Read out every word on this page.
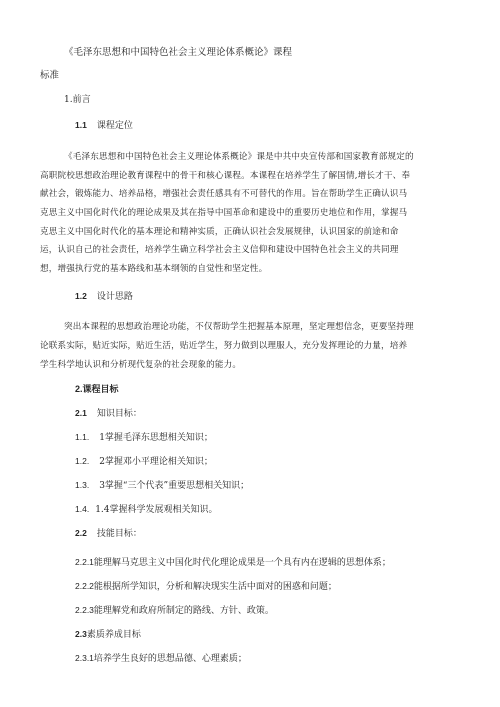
《毛泽东思想和中国特色社会主义理论体系概论》课程
标准
1.前言
1.1 课程定位
《毛泽东思想和中国特色社会主义理论体系概论》课是中共中央宣传部和国家教育部规定的
高职院校思想政治理论教育课程中的骨干和核心课程。本课程在培养学生了解国情,增长才干、奉
献社会，锻炼能力、培养品格，增强社会责任感具有不可替代的作用。旨在帮助学生正确认识马
克思主义中国化时代化的理论成果及其在指导中国革命和建设中的重要历史地位和作用，掌握马
克思主义中国化时代化的基本理论和精神实质，正确认识社会发展规律，认识国家的前途和命
运，认识自己的社会责任，培养学生确立科学社会主义信仰和建设中国特色社会主义的共同理
想，增强执行党的基本路线和基本纲领的自觉性和坚定性。
1.2 设计思路
突出本课程的思想政治理论功能，不仅帮助学生把握基本原理，坚定理想信念，更要坚持理
论联系实际，贴近实际，贴近生活，贴近学生，努力做到以理服人，充分发挥理论的力量，培养
学生科学地认识和分析现代复杂的社会现象的能力。
2.课程目标
2.1 知识目标：
1.1. 1掌握毛泽东思想相关知识；
1.2. 2掌握邓小平理论相关知识；
1.3. 3掌握“三个代表”重要思想相关知识；
1.4. 1.4掌握科学发展观相关知识。
2.2 技能目标：
2.2.1能理解马克思主义中国化时代化理论成果是一个具有内在逻辑的思想体系；
2.2.2能根据所学知识，分析和解决现实生活中面对的困惑和问题；
2.2.3能理解党和政府所制定的路线、方针、政策。
2.3素质养成目标
2.3.1培养学生良好的思想品德、心理素质；
